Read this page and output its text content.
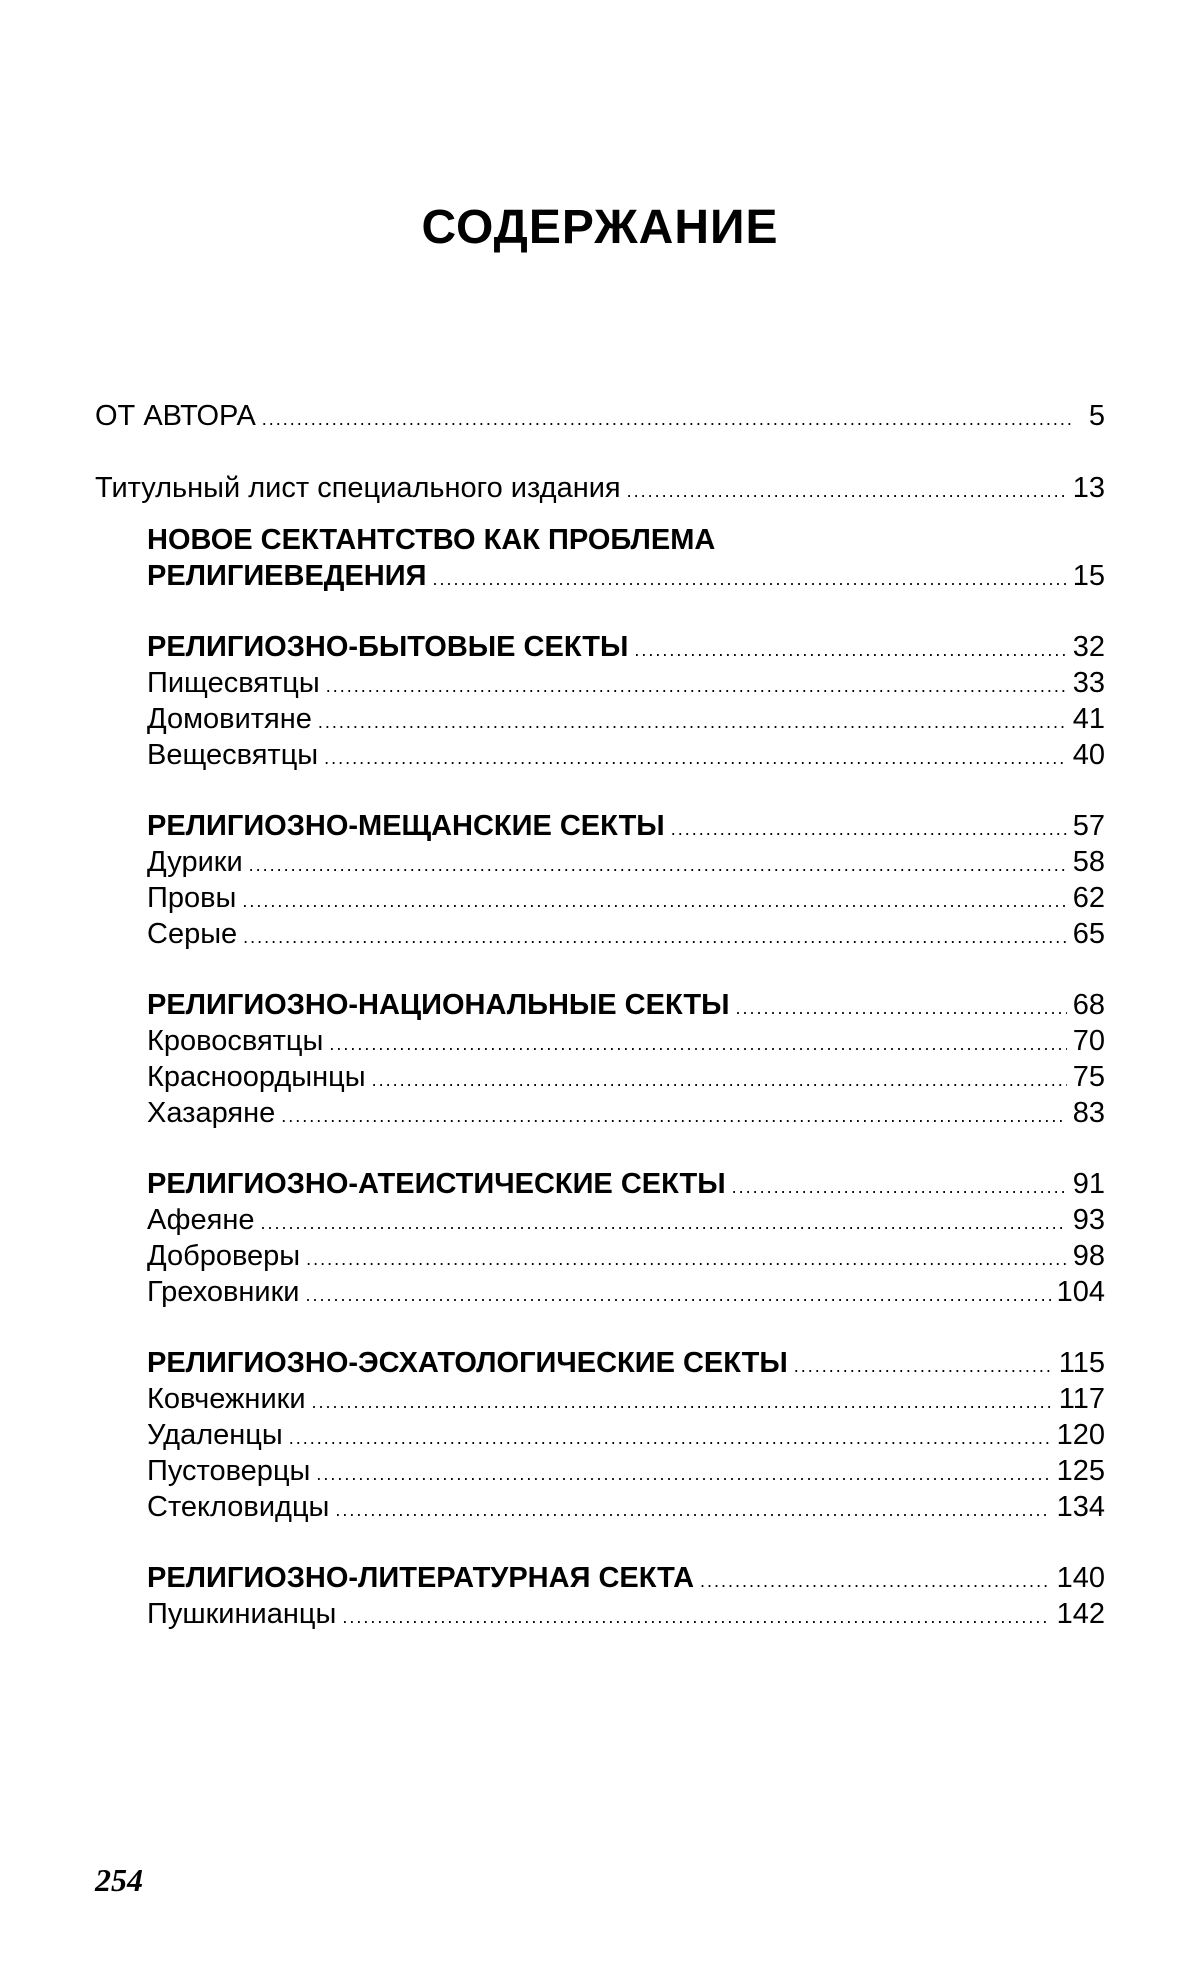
СОДЕРЖАНИЕ
ОТ АВТОРА .....	5
Титульный лист специального издания .....	13
НОВОЕ СЕКТАНТСТВО КАК ПРОБЛЕМА
РЕЛИГИЕВЕДЕНИЯ .....	15
РЕЛИГИОЗНО-БЫТОВЫЕ СЕКТЫ .....	32
Пищесвятцы .....	33
Домовитяне .....	41
Вещесвятцы .....	40
РЕЛИГИОЗНО-МЕЩАНСКИЕ СЕКТЫ .....	57
Дурики .....	58
Провы .....	62
Серые .....	65
РЕЛИГИОЗНО-НАЦИОНАЛЬНЫЕ СЕКТЫ .....	68
Кровосвятцы .....	70
Красноордынцы .....	75
Хазаряне .....	83
РЕЛИГИОЗНО-АТЕИСТИЧЕСКИЕ СЕКТЫ .....	91
Афеяне .....	93
Доброверы .....	98
Греховники .....	104
РЕЛИГИОЗНО-ЭСХАТОЛОГИЧЕСКИЕ СЕКТЫ .....	115
Ковчежники .....	117
Удаленцы .....	120
Пустоверцы .....	125
Стекловидцы .....	134
РЕЛИГИОЗНО-ЛИТЕРАТУРНАЯ СЕКТА .....	140
Пушкинианцы .....	142
254
